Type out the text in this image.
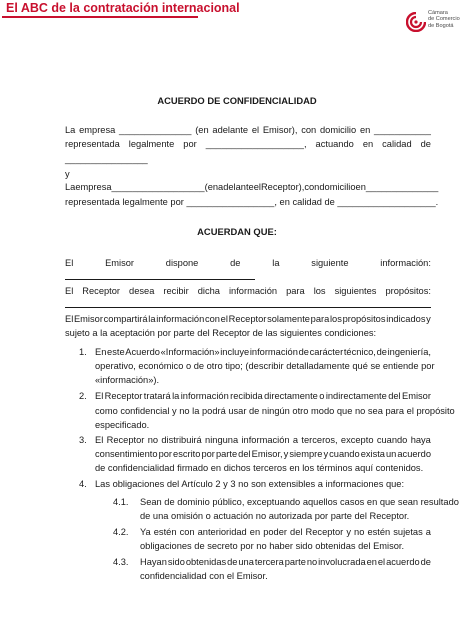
El ABC de la contratación internacional	Cámara
de Comercio
de Bogotá
ACUERDO DE CONFIDENCIALIDAD
La empresa ______________ (en adelante el Emisor), con domicilio en ___________
representada legalmente por ___________________, actuando en calidad de
________________
y
La empresa __________________ (en adelante el Receptor), con domicilio en ______________
representada legalmente por _________________, en calidad de ___________________.
ACUERDAN QUE:
El	Emisor	dispone	de	la	siguiente	información:
El Receptor desea recibir dicha información para los siguientes propósitos:
El Emisor compartirá la información con el Receptor solamente para los propósitos indicados y
sujeto a la aceptación por parte del Receptor de las siguientes condiciones:
1. En este Acuerdo «Información» incluye información de carácter técnico, de ingeniería,
operativo, económico o de otro tipo; (describir detalladamente qué se entiende por
«información»).
2. El Receptor tratará la información recibida directamente o indirectamente del Emisor
como confidencial y no la podrá usar de ningún otro modo que no sea para el propósito
especificado.
3. El Receptor no distribuirá ninguna información a terceros, excepto cuando haya
consentimiento por escrito por parte del Emisor, y siempre y cuando exista un acuerdo
de confidencialidad firmado en dichos terceros en los términos aquí contenidos.
4. Las obligaciones del Artículo 2 y 3 no son extensibles a informaciones que:
4.1. Sean de dominio público, exceptuando aquellos casos en que sean resultado
de una omisión o actuación no autorizada por parte del Receptor.
4.2. Ya estén con anterioridad en poder del Receptor y no estén sujetas a
obligaciones de secreto por no haber sido obtenidas del Emisor.
4.3. Hayan sido obtenidas de una tercera parte no involucrada en el acuerdo de
confidencialidad con el Emisor.
